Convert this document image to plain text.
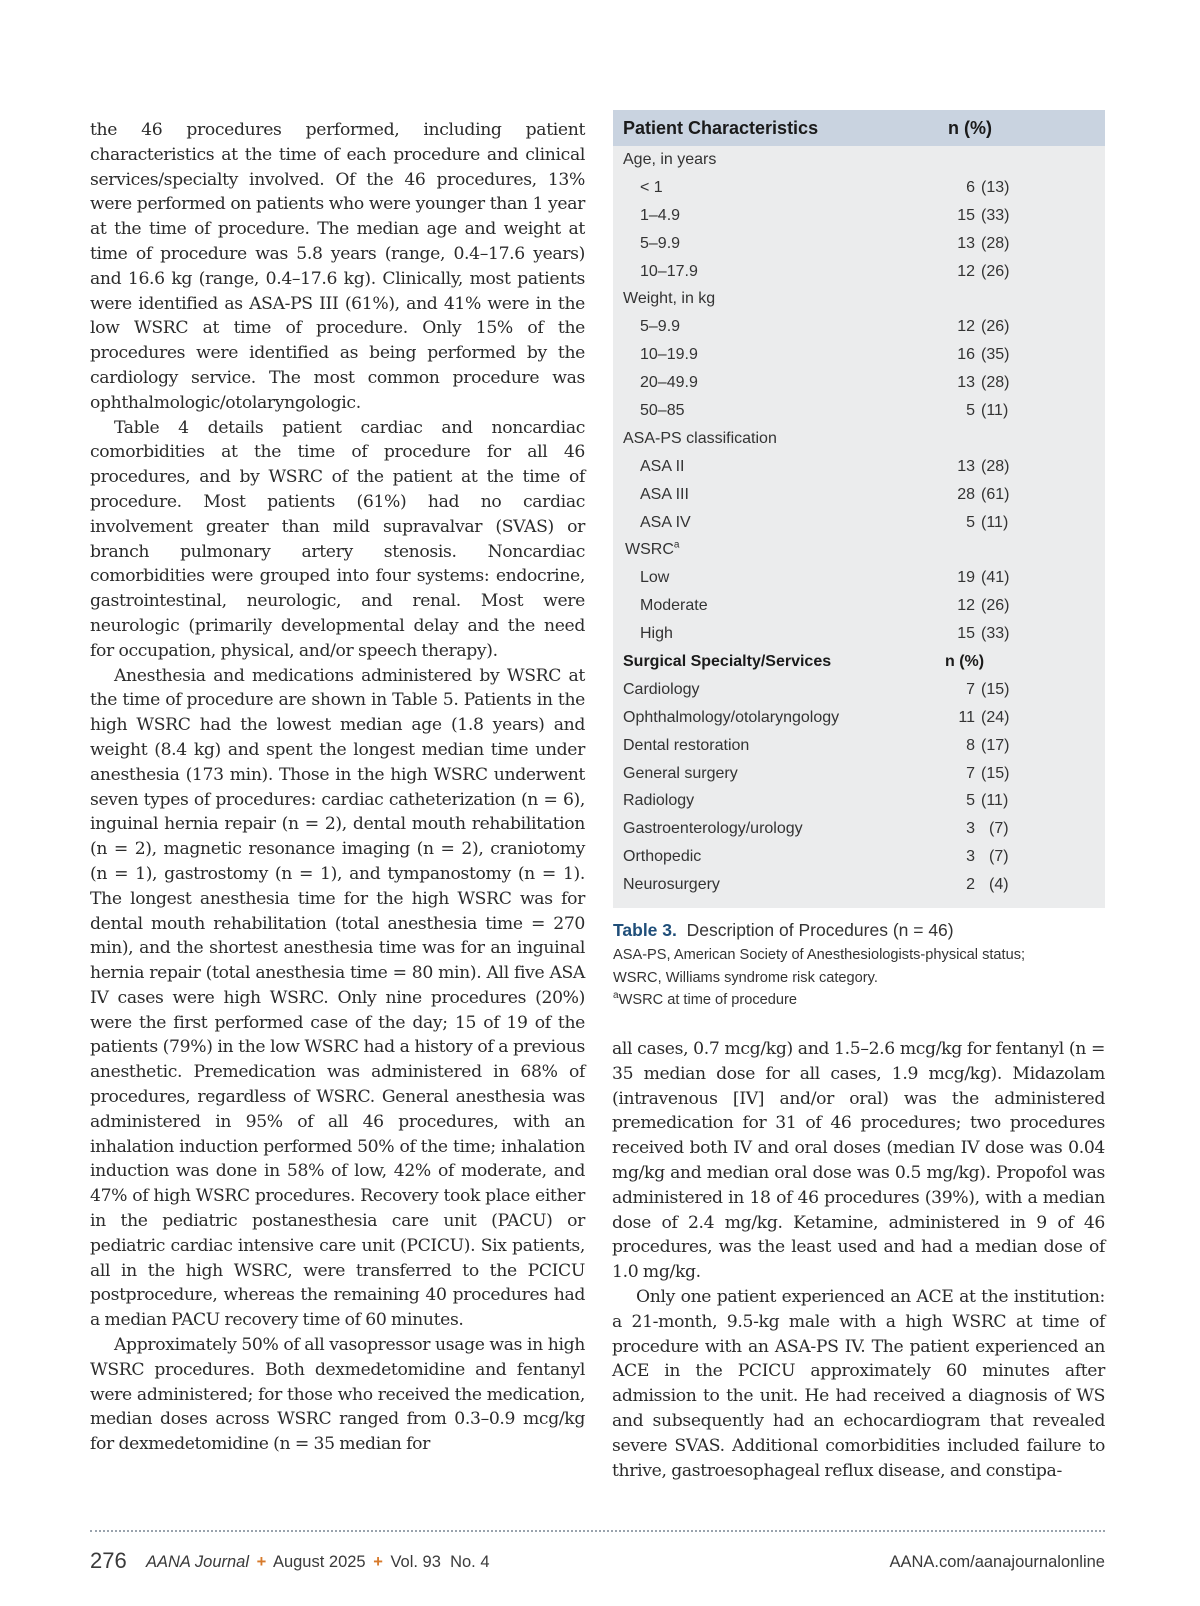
the 46 procedures performed, including patient characteristics at the time of each procedure and clinical services/specialty involved. Of the 46 procedures, 13% were performed on patients who were younger than 1 year at the time of procedure. The median age and weight at time of procedure was 5.8 years (range, 0.4–17.6 years) and 16.6 kg (range, 0.4–17.6 kg). Clinically, most patients were identified as ASA-PS III (61%), and 41% were in the low WSRC at time of procedure. Only 15% of the procedures were identified as being performed by the cardiology service. The most common procedure was ophthalmologic/otolaryngologic.

Table 4 details patient cardiac and noncardiac comorbidities at the time of procedure for all 46 procedures, and by WSRC of the patient at the time of procedure. Most patients (61%) had no cardiac involvement greater than mild supravalvar (SVAS) or branch pulmonary artery stenosis. Noncardiac comorbidities were grouped into four systems: endocrine, gastrointestinal, neurologic, and renal. Most were neurologic (primarily developmental delay and the need for occupation, physical, and/or speech therapy).

Anesthesia and medications administered by WSRC at the time of procedure are shown in Table 5. Patients in the high WSRC had the lowest median age (1.8 years) and weight (8.4 kg) and spent the longest median time under anesthesia (173 min). Those in the high WSRC underwent seven types of procedures: cardiac catheterization (n = 6), inguinal hernia repair (n = 2), dental mouth rehabilitation (n = 2), magnetic resonance imaging (n = 2), craniotomy (n = 1), gastrostomy (n = 1), and tympanostomy (n = 1). The longest anesthesia time for the high WSRC was for dental mouth rehabilitation (total anesthesia time = 270 min), and the shortest anesthesia time was for an inguinal hernia repair (total anesthesia time = 80 min). All five ASA IV cases were high WSRC. Only nine procedures (20%) were the first performed case of the day; 15 of 19 of the patients (79%) in the low WSRC had a history of a previous anesthetic. Premedication was administered in 68% of procedures, regardless of WSRC. General anesthesia was administered in 95% of all 46 procedures, with an inhalation induction performed 50% of the time; inhalation induction was done in 58% of low, 42% of moderate, and 47% of high WSRC procedures. Recovery took place either in the pediatric postanesthesia care unit (PACU) or pediatric cardiac intensive care unit (PCICU). Six patients, all in the high WSRC, were transferred to the PCICU postprocedure, whereas the remaining 40 procedures had a median PACU recovery time of 60 minutes.

Approximately 50% of all vasopressor usage was in high WSRC procedures. Both dexmedetomidine and fentanyl were administered; for those who received the medication, median doses across WSRC ranged from 0.3–0.9 mcg/kg for dexmedetomidine (n = 35 median for

Patient Characteristics	n (%)
Age, in years
< 1	6 (13)
1–4.9	15 (33)
5–9.9	13 (28)
10–17.9	12 (26)
Weight, in kg
5–9.9	12 (26)
10–19.9	16 (35)
20–49.9	13 (28)
50–85	5 (11)
ASA-PS classification
ASA II	13 (28)
ASA III	28 (61)
ASA IV	5 (11)
WSRC$^a$
Low	19 (41)
Moderate	12 (26)
High	15 (33)
Surgical Specialty/Services	n (%)
Cardiology	7 (15)
Ophthalmology/otolaryngology	11 (24)
Dental restoration	8 (17)
General surgery	7 (15)
Radiology	5 (11)
Gastroenterology/urology	3 (7)
Orthopedic	3 (7)
Neurosurgery	2 (4)
Table 3. Description of Procedures (n = 46)
ASA-PS, American Society of Anesthesiologists-physical status;
WSRC, Williams syndrome risk category.
$^a$WSRC at time of procedure

all cases, 0.7 mcg/kg) and 1.5–2.6 mcg/kg for fentanyl (n = 35 median dose for all cases, 1.9 mcg/kg). Midazolam (intravenous [IV] and/or oral) was the administered premedication for 31 of 46 procedures; two procedures received both IV and oral doses (median IV dose was 0.04 mg/kg and median oral dose was 0.5 mg/kg). Propofol was administered in 18 of 46 procedures (39%), with a median dose of 2.4 mg/kg. Ketamine, administered in 9 of 46 procedures, was the least used and had a median dose of 1.0 mg/kg.

Only one patient experienced an ACE at the institution: a 21-month, 9.5-kg male with a high WSRC at time of procedure with an ASA-PS IV. The patient experienced an ACE in the PCICU approximately 60 minutes after admission to the unit. He had received a diagnosis of WS and subsequently had an echocardiogram that revealed severe SVAS. Additional comorbidities included failure to thrive, gastroesophageal reflux disease, and constipa-

276 AANA Journal + August 2025 + Vol. 93  No. 4	AANA.com/aanajournalonline
